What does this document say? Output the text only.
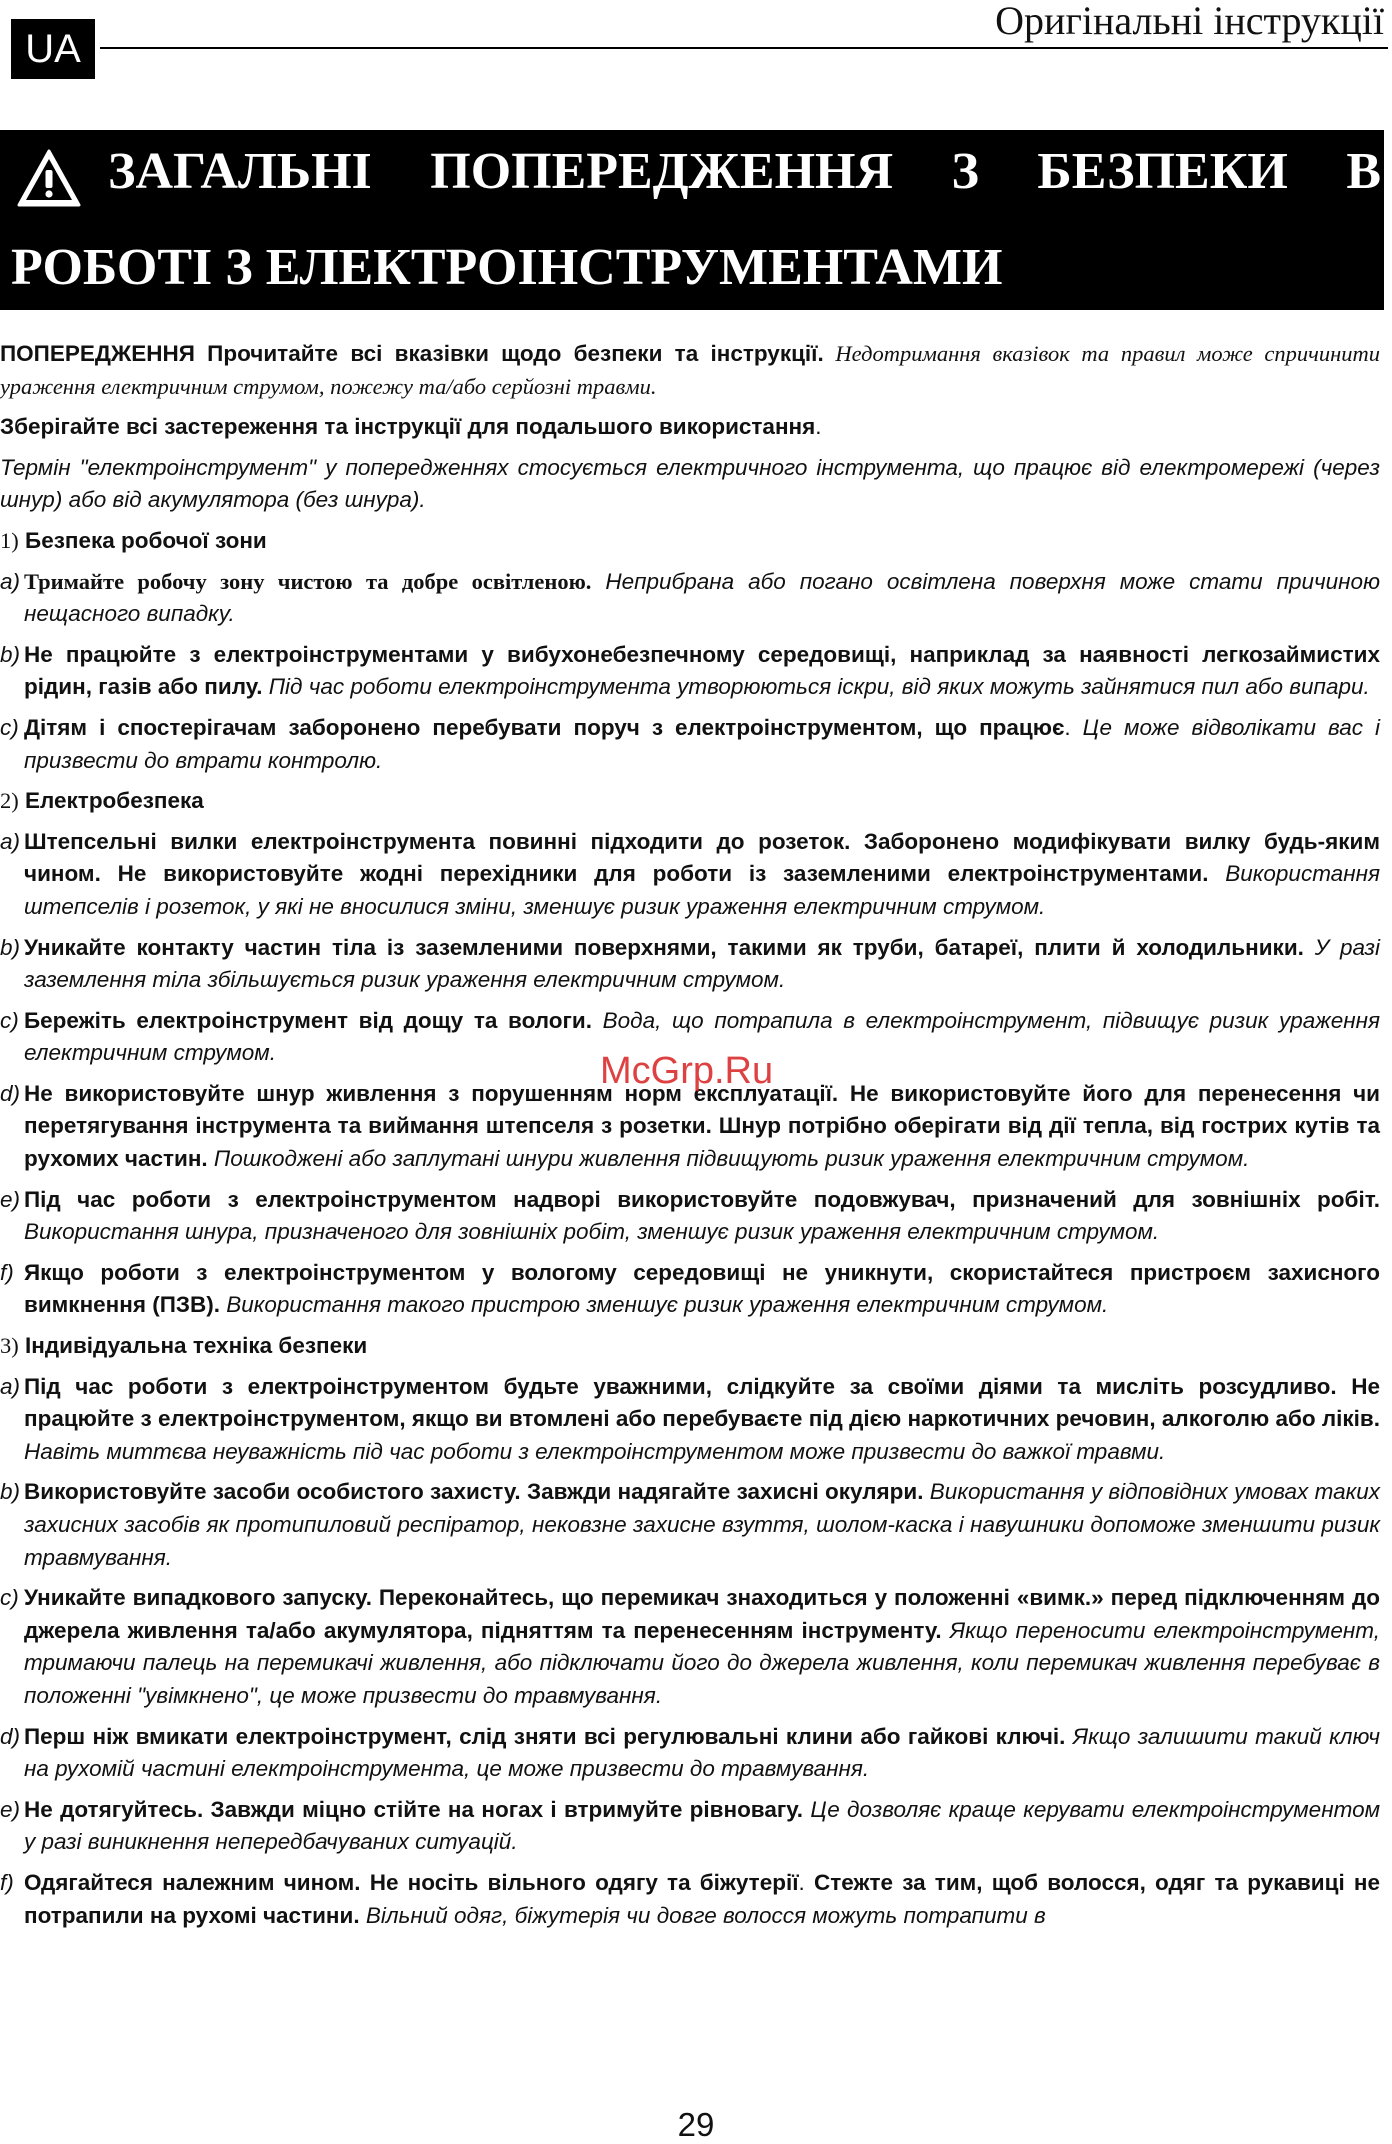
UA
Оригінальні інструкції
ЗАГАЛЬНІ ПОПЕРЕДЖЕННЯ З БЕЗПЕКИ В
РОБОТІ З ЕЛЕКТРОІНСТРУМЕНТАМИ

ПОПЕРЕДЖЕННЯ Прочитайте всі вказівки щодо безпеки та інструкції. Недотримання вказівок та правил може спричинити ураження електричним струмом, пожежу та/або серйозні травми.

Зберігайте всі застереження та інструкції для подальшого використання.

Термін "електроінструмент" у попередженнях стосується електричного інструмента, що працює від електромережі (через шнур) або від акумулятора (без шнура).

1) Безпека робочої зони
a) Тримайте робочу зону чистою та добре освітленою. Неприбрана або погано освітлена поверхня може стати причиною нещасного випадку.
b) Не працюйте з електроінструментами у вибухонебезпечному середовищі, наприклад за наявності легкозаймистих рідин, газів або пилу. Під час роботи електроінструмента утворюються іскри, від яких можуть зайнятися пил або випари.
c) Дітям і спостерігачам заборонено перебувати поруч з електроінструментом, що працює. Це може відволікати вас і призвести до втрати контролю.
2) Електробезпека
a) Штепсельні вилки електроінструмента повинні підходити до розеток. Заборонено модифікувати вилку будь-яким чином. Не використовуйте жодні перехідники для роботи із заземленими електроінструментами. Використання штепселів і розеток, у які не вносилися зміни, зменшує ризик ураження електричним струмом.
b) Уникайте контакту частин тіла із заземленими поверхнями, такими як труби, батареї, плити й холодильники. У разі заземлення тіла збільшується ризик ураження електричним струмом.
c) Бережіть електроінструмент від дощу та вологи. Вода, що потрапила в електроінструмент, підвищує ризик ураження електричним струмом.
d) Не використовуйте шнур живлення з порушенням норм експлуатації. Не використовуйте його для перенесення чи перетягування інструмента та виймання штепселя з розетки. Шнур потрібно оберігати від дії тепла, від гострих кутів та рухомих частин. Пошкоджені або заплутані шнури живлення підвищують ризик ураження електричним струмом.
e) Під час роботи з електроінструментом надворі використовуйте подовжувач, призначений для зовнішніх робіт. Використання шнура, призначеного для зовнішніх робіт, зменшує ризик ураження електричним струмом.
f) Якщо роботи з електроінструментом у вологому середовищі не уникнути, скористайтеся пристроєм захисного вимкнення (ПЗВ). Використання такого пристрою зменшує ризик ураження електричним струмом.
3) Індивідуальна техніка безпеки
a) Під час роботи з електроінструментом будьте уважними, слідкуйте за своїми діями та мисліть розсудливо. Не працюйте з електроінструментом, якщо ви втомлені або перебуваєте під дією наркотичних речовин, алкоголю або ліків. Навіть миттєва неуважність під час роботи з електроінструментом може призвести до важкої травми.
b) Використовуйте засоби особистого захисту. Завжди надягайте захисні окуляри. Використання у відповідних умовах таких захисних засобів як протипиловий респіратор, нековзне захисне взуття, шолом-каска і навушники допоможе зменшити ризик травмування.
c) Уникайте випадкового запуску. Переконайтесь, що перемикач знаходиться у положенні «вимк.» перед підключенням до джерела живлення та/або акумулятора, підняттям та перенесенням інструменту. Якщо переносити електроінструмент, тримаючи палець на перемикачі живлення, або підключати його до джерела живлення, коли перемикач живлення перебуває в положенні "увімкнено", це може призвести до травмування.
d) Перш ніж вмикати електроінструмент, слід зняти всі регулювальні клини або гайкові ключі. Якщо залишити такий ключ на рухомій частині електроінструмента, це може призвести до травмування.
e) Не дотягуйтесь. Завжди міцно стійте на ногах і втримуйте рівновагу. Це дозволяє краще керувати електроінструментом у разі виникнення непередбачуваних ситуацій.
f) Одягайтеся належним чином. Не носіть вільного одягу та біжутерії. Стежте за тим, щоб волосся, одяг та рукавиці не потрапили на рухомі частини. Вільний одяг, біжутерія чи довге волосся можуть потрапити в
McGrp.Ru
29
